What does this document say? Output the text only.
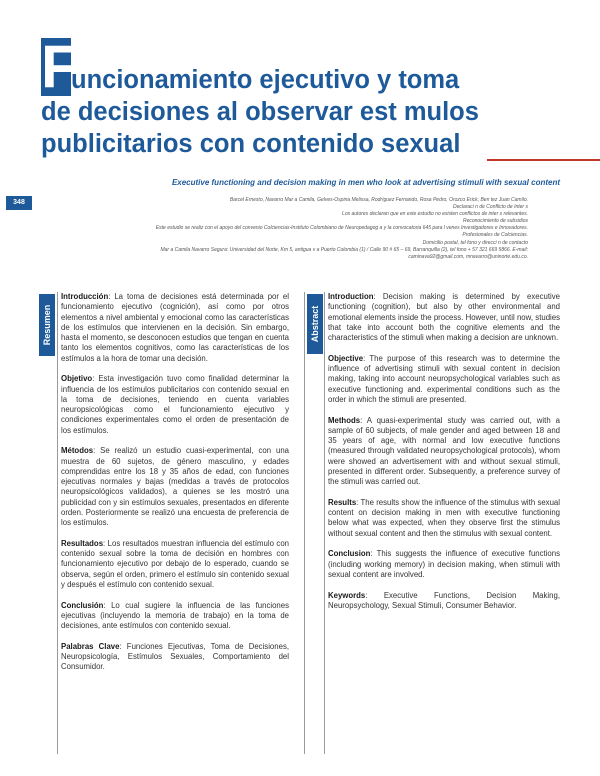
F
uncionamiento ejecutivo y toma
de decisiones al observar est mulos
publicitarios con contenido sexual
Executive functioning and decision making in men who look at advertising stimuli with sexual content
348	Barcel Ernesto, Navarro Mar a Camila, Gelves-Ospina Melissa, Rodríguez Fernando, Rosa Pedro, Orozco Erick, Ben tez Juan Camilo.
Declaraci n de Conflicto de Inter s
Los autores declaran que en este estudio no existen conflictos de inter s relevantes.
Reconocimiento de subsidios
Este estudio se realiz con el apoyo del convenio Colciencias-Instituto Colombiano de Neuropedagog a y la convocatoria 645 para l venes Investigadores e Innovadores.
Profesionales de Colciencias.
Domicilio postal, tel fono y direcci n de contacto
Mar a Camila Navarro Segura: Universidad del Norte, Km 5, antigua v a Puerto Colombia (1) / Calle 90 # 65 – 69, Barranquilla (2), tel fono + 57 321 669 5866. E-mail:
caminava92@gmail.com, mnavarro@uninorte.edu.co.
Resumen	Abstract

Introducción: La toma de decisiones está determinada por el funcionamiento ejecutivo (cognición), así como por otros elementos a nivel ambiental y emocional como las características de los estímulos que intervienen en la decisión. Sin embargo, hasta el momento, se desconocen estudios que tengan en cuenta tanto los elementos cognitivos, como las características de los estímulos a la hora de tomar una decisión.

Objetivo: Esta investigación tuvo como finalidad determinar la influencia de los estímulos publicitarios con contenido sexual en la toma de decisiones, teniendo en cuenta variables neuropsicológicas como el funcionamiento ejecutivo y condiciones experimentales como el orden de presentación de los estímulos.

Métodos: Se realizó un estudio cuasi-experimental, con una muestra de 60 sujetos, de género masculino, y edades comprendidas entre los 18 y 35 años de edad, con funciones ejecutivas normales y bajas (medidas a través de protocolos neuropsicológicos validados), a quienes se les mostró una publicidad con y sin estímulos sexuales, presentados en diferente orden. Posteriormente se realizó una encuesta de preferencia de los estímulos.

Resultados: Los resultados muestran influencia del estímulo con contenido sexual sobre la toma de decisión en hombres con funcionamiento ejecutivo por debajo de lo esperado, cuando se observa, según el orden, primero el estímulo sin contenido sexual y después el estímulo con contenido sexual.

Conclusión: Lo cual sugiere la influencia de las funciones ejecutivas (incluyendo la memoria de trabajo) en la toma de decisiones, ante estímulos con contenido sexual.

Palabras Clave: Funciones Ejecutivas, Toma de Decisiones, Neuropsicología, Estímulos Sexuales, Comportamiento del Consumidor.

Introduction: Decision making is determined by executive functioning (cognition), but also by other environmental and emotional elements inside the process. However, until now, studies that take into account both the cognitive elements and the characteristics of the stimuli when making a decision are unknown.

Objective: The purpose of this research was to determine the influence of advertising stimuli with sexual content in decision making, taking into account neuropsychological variables such as executive functioning and. experimental conditions such as the order in which the stimuli are presented.

Methods: A quasi-experimental study was carried out, with a sample of 60 subjects, of male gender and aged between 18 and 35 years of age, with normal and low executive functions (measured through validated neuropsychological protocols), whom were showed an advertisement with and without sexual stimuli, presented in different order. Subsequently, a preference survey of the stimuli was carried out.

Results: The results show the influence of the stimulus with sexual content on decision making in men with executive functioning below what was expected, when they observe first the stimulus without sexual content and then the stimulus with sexual content.

Conclusion: This suggests the influence of executive functions (including working memory) in decision making, when stimuli with sexual content are involved.

Keywords: Executive Functions, Decision Making, Neuropsychology, Sexual Stimuli, Consumer Behavior.
